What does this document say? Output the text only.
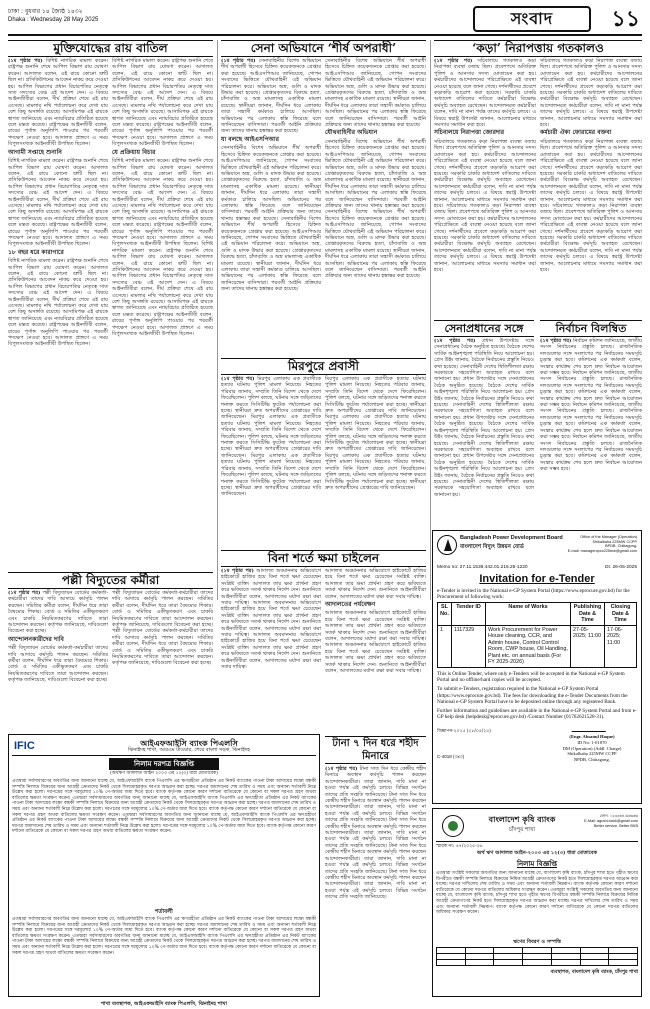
ঢাকা : বুধবার ১৪ জ্যৈষ্ঠ ১৪৩২
Dhaka : Wednesday 28 May 2025	সংবাদ	১১
মুক্তিযোদ্ধের রায় বাতিল
(১ম পৃষ্ঠার পর) বিশিষ্ট নাগরিক মামলা করেন। রাষ্ট্রপক্ষ শুনানি শেষে আপিল বিভাগ রায় ঘোষণা করেন। আদালত বলেন, এই রায়ে কোনো ত্রুটি ছিল না। প্রসিকিউশনের আবেদন নাকচ করে দেওয়া হয়। আপিল বিভাগের প্রধান বিচারপতির নেতৃত্বে সাত সদস্যের বেঞ্চ এই আদেশ দেন। এ বিষয়ে আইনজীবীরা বলেন, দীর্ঘ প্রক্রিয়া শেষে এই রায় এসেছে। মামলার নথি পর্যালোচনা করে দেখা যায় বেশ কিছু অসঙ্গতি রয়েছে। আসামিপক্ষ এই রায়কে স্বাগত জানিয়েছে এবং ন্যায়বিচার প্রতিষ্ঠিত হয়েছে বলে মন্তব্য করেছে। রাষ্ট্রপক্ষের আইনজীবী বলেন, রায়ের পূর্ণাঙ্গ অনুলিপি পাওয়ার পর পরবর্তী পদক্ষেপ নেওয়া হবে। আদালত প্রাঙ্গণে এ সময় বিপুলসংখ্যক আইনজীবী উপস্থিত ছিলেন।
আগামী সপ্তাহে শুনানি
বিশিষ্ট নাগরিক মামলা করেন। রাষ্ট্রপক্ষ শুনানি শেষে আপিল বিভাগ রায় ঘোষণা করেন। আদালত বলেন, এই রায়ে কোনো ত্রুটি ছিল না। প্রসিকিউশনের আবেদন নাকচ করে দেওয়া হয়। আপিল বিভাগের প্রধান বিচারপতির নেতৃত্বে সাত সদস্যের বেঞ্চ এই আদেশ দেন। এ বিষয়ে আইনজীবীরা বলেন, দীর্ঘ প্রক্রিয়া শেষে এই রায় এসেছে। মামলার নথি পর্যালোচনা করে দেখা যায় বেশ কিছু অসঙ্গতি রয়েছে। আসামিপক্ষ এই রায়কে স্বাগত জানিয়েছে এবং ন্যায়বিচার প্রতিষ্ঠিত হয়েছে বলে মন্তব্য করেছে। রাষ্ট্রপক্ষের আইনজীবী বলেন, রায়ের পূর্ণাঙ্গ অনুলিপি পাওয়ার পর পরবর্তী পদক্ষেপ নেওয়া হবে। আদালত প্রাঙ্গণে এ সময় বিপুলসংখ্যক আইনজীবী উপস্থিত ছিলেন।
১৮ বছর ধরে কারাগারে
বিশিষ্ট নাগরিক মামলা করেন। রাষ্ট্রপক্ষ শুনানি শেষে আপিল বিভাগ রায় ঘোষণা করেন। আদালত বলেন, এই রায়ে কোনো ত্রুটি ছিল না। প্রসিকিউশনের আবেদন নাকচ করে দেওয়া হয়। আপিল বিভাগের প্রধান বিচারপতির নেতৃত্বে সাত সদস্যের বেঞ্চ এই আদেশ দেন। এ বিষয়ে আইনজীবীরা বলেন, দীর্ঘ প্রক্রিয়া শেষে এই রায় এসেছে। মামলার নথি পর্যালোচনা করে দেখা যায় বেশ কিছু অসঙ্গতি রয়েছে। আসামিপক্ষ এই রায়কে স্বাগত জানিয়েছে এবং ন্যায়বিচার প্রতিষ্ঠিত হয়েছে বলে মন্তব্য করেছে। রাষ্ট্রপক্ষের আইনজীবী বলেন, রায়ের পূর্ণাঙ্গ অনুলিপি পাওয়ার পর পরবর্তী পদক্ষেপ নেওয়া হবে। আদালত প্রাঙ্গণে এ সময় বিপুলসংখ্যক আইনজীবী উপস্থিত ছিলেন।
বিশিষ্ট নাগরিক মামলা করেন। রাষ্ট্রপক্ষ শুনানি শেষে আপিল বিভাগ রায় ঘোষণা করেন। আদালত বলেন, এই রায়ে কোনো ত্রুটি ছিল না। প্রসিকিউশনের আবেদন নাকচ করে দেওয়া হয়। আপিল বিভাগের প্রধান বিচারপতির নেতৃত্বে সাত সদস্যের বেঞ্চ এই আদেশ দেন। এ বিষয়ে আইনজীবীরা বলেন, দীর্ঘ প্রক্রিয়া শেষে এই রায় এসেছে। মামলার নথি পর্যালোচনা করে দেখা যায় বেশ কিছু অসঙ্গতি রয়েছে। আসামিপক্ষ এই রায়কে স্বাগত জানিয়েছে এবং ন্যায়বিচার প্রতিষ্ঠিত হয়েছে বলে মন্তব্য করেছে। রাষ্ট্রপক্ষের আইনজীবী বলেন, রায়ের পূর্ণাঙ্গ অনুলিপি পাওয়ার পর পরবর্তী পদক্ষেপ নেওয়া হবে। আদালত প্রাঙ্গণে এ সময় বিপুলসংখ্যক আইনজীবী উপস্থিত ছিলেন।
যে প্রক্রিয়ায় বিচার
বিশিষ্ট নাগরিক মামলা করেন। রাষ্ট্রপক্ষ শুনানি শেষে আপিল বিভাগ রায় ঘোষণা করেন। আদালত বলেন, এই রায়ে কোনো ত্রুটি ছিল না। প্রসিকিউশনের আবেদন নাকচ করে দেওয়া হয়। আপিল বিভাগের প্রধান বিচারপতির নেতৃত্বে সাত সদস্যের বেঞ্চ এই আদেশ দেন। এ বিষয়ে আইনজীবীরা বলেন, দীর্ঘ প্রক্রিয়া শেষে এই রায় এসেছে। মামলার নথি পর্যালোচনা করে দেখা যায় বেশ কিছু অসঙ্গতি রয়েছে। আসামিপক্ষ এই রায়কে স্বাগত জানিয়েছে এবং ন্যায়বিচার প্রতিষ্ঠিত হয়েছে বলে মন্তব্য করেছে। রাষ্ট্রপক্ষের আইনজীবী বলেন, রায়ের পূর্ণাঙ্গ অনুলিপি পাওয়ার পর পরবর্তী পদক্ষেপ নেওয়া হবে। আদালত প্রাঙ্গণে এ সময় বিপুলসংখ্যক আইনজীবী উপস্থিত ছিলেন। বিশিষ্ট নাগরিক মামলা করেন। রাষ্ট্রপক্ষ শুনানি শেষে আপিল বিভাগ রায় ঘোষণা করেন। আদালত বলেন, এই রায়ে কোনো ত্রুটি ছিল না। প্রসিকিউশনের আবেদন নাকচ করে দেওয়া হয়। আপিল বিভাগের প্রধান বিচারপতির নেতৃত্বে সাত সদস্যের বেঞ্চ এই আদেশ দেন। এ বিষয়ে আইনজীবীরা বলেন, দীর্ঘ প্রক্রিয়া শেষে এই রায় এসেছে। মামলার নথি পর্যালোচনা করে দেখা যায় বেশ কিছু অসঙ্গতি রয়েছে। আসামিপক্ষ এই রায়কে স্বাগত জানিয়েছে এবং ন্যায়বিচার প্রতিষ্ঠিত হয়েছে বলে মন্তব্য করেছে। রাষ্ট্রপক্ষের আইনজীবী বলেন, রায়ের পূর্ণাঙ্গ অনুলিপি পাওয়ার পর পরবর্তী পদক্ষেপ নেওয়া হবে। আদালত প্রাঙ্গণে এ সময় বিপুলসংখ্যক আইনজীবী উপস্থিত ছিলেন।
সেনা অভিযানে ‘শীর্ষ অপরাধী’
(১ম পৃষ্ঠার পর) সেনাবাহিনীর বিশেষ অভিযানে শীর্ষ অপরাধী হিসেবে চিহ্নিত কয়েকজনকে গ্রেপ্তার করা হয়েছে। আইএসপিআর জানিয়েছে, গোপন সংবাদের ভিত্তিতে যৌথবাহিনী এই অভিযান পরিচালনা করে। অভিযানে অস্ত্র, গুলি ও মাদক উদ্ধার করা হয়েছে। গ্রেপ্তারকৃতদের বিরুদ্ধে হত্যা, চাঁদাবাজি ও অস্ত্র মামলাসহ একাধিক মামলা রয়েছে। স্থানীয়রা জানান, দীর্ঘদিন ধরে এলাকায় তারা সন্ত্রাসী কর্মকাণ্ড চালিয়ে আসছিল। অভিযানের পর এলাকায় স্বস্তি ফিরেছে বলে জানিয়েছেন বাসিন্দারা। পরবর্তী আইনি প্রক্রিয়ার জন্য তাদের থানায় হস্তান্তর করা হয়েছে।
যা বলছে আইএসপিআর
সেনাবাহিনীর বিশেষ অভিযানে শীর্ষ অপরাধী হিসেবে চিহ্নিত কয়েকজনকে গ্রেপ্তার করা হয়েছে। আইএসপিআর জানিয়েছে, গোপন সংবাদের ভিত্তিতে যৌথবাহিনী এই অভিযান পরিচালনা করে। অভিযানে অস্ত্র, গুলি ও মাদক উদ্ধার করা হয়েছে। গ্রেপ্তারকৃতদের বিরুদ্ধে হত্যা, চাঁদাবাজি ও অস্ত্র মামলাসহ একাধিক মামলা রয়েছে। স্থানীয়রা জানান, দীর্ঘদিন ধরে এলাকায় তারা সন্ত্রাসী কর্মকাণ্ড চালিয়ে আসছিল। অভিযানের পর এলাকায় স্বস্তি ফিরেছে বলে জানিয়েছেন বাসিন্দারা। পরবর্তী আইনি প্রক্রিয়ার জন্য তাদের থানায় হস্তান্তর করা হয়েছে। সেনাবাহিনীর বিশেষ অভিযানে শীর্ষ অপরাধী হিসেবে চিহ্নিত কয়েকজনকে গ্রেপ্তার করা হয়েছে। আইএসপিআর জানিয়েছে, গোপন সংবাদের ভিত্তিতে যৌথবাহিনী এই অভিযান পরিচালনা করে। অভিযানে অস্ত্র, গুলি ও মাদক উদ্ধার করা হয়েছে। গ্রেপ্তারকৃতদের বিরুদ্ধে হত্যা, চাঁদাবাজি ও অস্ত্র মামলাসহ একাধিক মামলা রয়েছে। স্থানীয়রা জানান, দীর্ঘদিন ধরে এলাকায় তারা সন্ত্রাসী কর্মকাণ্ড চালিয়ে আসছিল। অভিযানের পর এলাকায় স্বস্তি ফিরেছে বলে জানিয়েছেন বাসিন্দারা। পরবর্তী আইনি প্রক্রিয়ার জন্য তাদের থানায় হস্তান্তর করা হয়েছে।
সেনাবাহিনীর বিশেষ অভিযানে শীর্ষ অপরাধী হিসেবে চিহ্নিত কয়েকজনকে গ্রেপ্তার করা হয়েছে। আইএসপিআর জানিয়েছে, গোপন সংবাদের ভিত্তিতে যৌথবাহিনী এই অভিযান পরিচালনা করে। অভিযানে অস্ত্র, গুলি ও মাদক উদ্ধার করা হয়েছে। গ্রেপ্তারকৃতদের বিরুদ্ধে হত্যা, চাঁদাবাজি ও অস্ত্র মামলাসহ একাধিক মামলা রয়েছে। স্থানীয়রা জানান, দীর্ঘদিন ধরে এলাকায় তারা সন্ত্রাসী কর্মকাণ্ড চালিয়ে আসছিল। অভিযানের পর এলাকায় স্বস্তি ফিরেছে বলে জানিয়েছেন বাসিন্দারা। পরবর্তী আইনি প্রক্রিয়ার জন্য তাদের থানায় হস্তান্তর করা হয়েছে।
যৌথবাহিনীর অভিযান
সেনাবাহিনীর বিশেষ অভিযানে শীর্ষ অপরাধী হিসেবে চিহ্নিত কয়েকজনকে গ্রেপ্তার করা হয়েছে। আইএসপিআর জানিয়েছে, গোপন সংবাদের ভিত্তিতে যৌথবাহিনী এই অভিযান পরিচালনা করে। অভিযানে অস্ত্র, গুলি ও মাদক উদ্ধার করা হয়েছে। গ্রেপ্তারকৃতদের বিরুদ্ধে হত্যা, চাঁদাবাজি ও অস্ত্র মামলাসহ একাধিক মামলা রয়েছে। স্থানীয়রা জানান, দীর্ঘদিন ধরে এলাকায় তারা সন্ত্রাসী কর্মকাণ্ড চালিয়ে আসছিল। অভিযানের পর এলাকায় স্বস্তি ফিরেছে বলে জানিয়েছেন বাসিন্দারা। পরবর্তী আইনি প্রক্রিয়ার জন্য তাদের থানায় হস্তান্তর করা হয়েছে। সেনাবাহিনীর বিশেষ অভিযানে শীর্ষ অপরাধী হিসেবে চিহ্নিত কয়েকজনকে গ্রেপ্তার করা হয়েছে। আইএসপিআর জানিয়েছে, গোপন সংবাদের ভিত্তিতে যৌথবাহিনী এই অভিযান পরিচালনা করে। অভিযানে অস্ত্র, গুলি ও মাদক উদ্ধার করা হয়েছে। গ্রেপ্তারকৃতদের বিরুদ্ধে হত্যা, চাঁদাবাজি ও অস্ত্র মামলাসহ একাধিক মামলা রয়েছে। স্থানীয়রা জানান, দীর্ঘদিন ধরে এলাকায় তারা সন্ত্রাসী কর্মকাণ্ড চালিয়ে আসছিল। অভিযানের পর এলাকায় স্বস্তি ফিরেছে বলে জানিয়েছেন বাসিন্দারা। পরবর্তী আইনি প্রক্রিয়ার জন্য তাদের থানায় হস্তান্তর করা হয়েছে।
‘কড়া’ নিরাপত্তায় গতকালও
(১ম পৃষ্ঠার পর) সচিবালয়ে গতকালও কড়া নিরাপত্তা ব্যবস্থা বজায় ছিল। প্রবেশপথে অতিরিক্ত পুলিশ ও আনসার সদস্য মোতায়েন করা হয়। কর্মচারীদের আন্দোলনের পরিপ্রেক্ষিতে এই ব্যবস্থা নেওয়া হয়েছে বলে জানা গেছে। দর্শনার্থীদের প্রবেশে কড়াকড়ি আরোপ করা হয়েছে। সরকারি চাকরি অধ্যাদেশ বাতিলের দাবিতে কর্মচারীরা বিক্ষোভ কর্মসূচি অব্যাহত রেখেছেন। আন্দোলনরত কর্মচারীরা বলেন, দাবি না মানা পর্যন্ত তাদের কর্মসূচি চলবে। এ বিষয়ে স্বরাষ্ট্র উপদেষ্টা জানান, আলোচনার মাধ্যমে সমস্যার সমাধান করা হবে।
সচিবালয়ে নিরাপত্তা জোরদার
সচিবালয়ে গতকালও কড়া নিরাপত্তা ব্যবস্থা বজায় ছিল। প্রবেশপথে অতিরিক্ত পুলিশ ও আনসার সদস্য মোতায়েন করা হয়। কর্মচারীদের আন্দোলনের পরিপ্রেক্ষিতে এই ব্যবস্থা নেওয়া হয়েছে বলে জানা গেছে। দর্শনার্থীদের প্রবেশে কড়াকড়ি আরোপ করা হয়েছে। সরকারি চাকরি অধ্যাদেশ বাতিলের দাবিতে কর্মচারীরা বিক্ষোভ কর্মসূচি অব্যাহত রেখেছেন। আন্দোলনরত কর্মচারীরা বলেন, দাবি না মানা পর্যন্ত তাদের কর্মসূচি চলবে। এ বিষয়ে স্বরাষ্ট্র উপদেষ্টা জানান, আলোচনার মাধ্যমে সমস্যার সমাধান করা হবে। সচিবালয়ে গতকালও কড়া নিরাপত্তা ব্যবস্থা বজায় ছিল। প্রবেশপথে অতিরিক্ত পুলিশ ও আনসার সদস্য মোতায়েন করা হয়। কর্মচারীদের আন্দোলনের পরিপ্রেক্ষিতে এই ব্যবস্থা নেওয়া হয়েছে বলে জানা গেছে। দর্শনার্থীদের প্রবেশে কড়াকড়ি আরোপ করা হয়েছে। সরকারি চাকরি অধ্যাদেশ বাতিলের দাবিতে কর্মচারীরা বিক্ষোভ কর্মসূচি অব্যাহত রেখেছেন। আন্দোলনরত কর্মচারীরা বলেন, দাবি না মানা পর্যন্ত তাদের কর্মসূচি চলবে। এ বিষয়ে স্বরাষ্ট্র উপদেষ্টা জানান, আলোচনার মাধ্যমে সমস্যার সমাধান করা হবে।
সচিবালয়ে গতকালও কড়া নিরাপত্তা ব্যবস্থা বজায় ছিল। প্রবেশপথে অতিরিক্ত পুলিশ ও আনসার সদস্য মোতায়েন করা হয়। কর্মচারীদের আন্দোলনের পরিপ্রেক্ষিতে এই ব্যবস্থা নেওয়া হয়েছে বলে জানা গেছে। দর্শনার্থীদের প্রবেশে কড়াকড়ি আরোপ করা হয়েছে। সরকারি চাকরি অধ্যাদেশ বাতিলের দাবিতে কর্মচারীরা বিক্ষোভ কর্মসূচি অব্যাহত রেখেছেন। আন্দোলনরত কর্মচারীরা বলেন, দাবি না মানা পর্যন্ত তাদের কর্মসূচি চলবে। এ বিষয়ে স্বরাষ্ট্র উপদেষ্টা জানান, আলোচনার মাধ্যমে সমস্যার সমাধান করা হবে।
কর্মচারী ঐক্য ফোরামের বক্তব্য
সচিবালয়ে গতকালও কড়া নিরাপত্তা ব্যবস্থা বজায় ছিল। প্রবেশপথে অতিরিক্ত পুলিশ ও আনসার সদস্য মোতায়েন করা হয়। কর্মচারীদের আন্দোলনের পরিপ্রেক্ষিতে এই ব্যবস্থা নেওয়া হয়েছে বলে জানা গেছে। দর্শনার্থীদের প্রবেশে কড়াকড়ি আরোপ করা হয়েছে। সরকারি চাকরি অধ্যাদেশ বাতিলের দাবিতে কর্মচারীরা বিক্ষোভ কর্মসূচি অব্যাহত রেখেছেন। আন্দোলনরত কর্মচারীরা বলেন, দাবি না মানা পর্যন্ত তাদের কর্মসূচি চলবে। এ বিষয়ে স্বরাষ্ট্র উপদেষ্টা জানান, আলোচনার মাধ্যমে সমস্যার সমাধান করা হবে। সচিবালয়ে গতকালও কড়া নিরাপত্তা ব্যবস্থা বজায় ছিল। প্রবেশপথে অতিরিক্ত পুলিশ ও আনসার সদস্য মোতায়েন করা হয়। কর্মচারীদের আন্দোলনের পরিপ্রেক্ষিতে এই ব্যবস্থা নেওয়া হয়েছে বলে জানা গেছে। দর্শনার্থীদের প্রবেশে কড়াকড়ি আরোপ করা হয়েছে। সরকারি চাকরি অধ্যাদেশ বাতিলের দাবিতে কর্মচারীরা বিক্ষোভ কর্মসূচি অব্যাহত রেখেছেন। আন্দোলনরত কর্মচারীরা বলেন, দাবি না মানা পর্যন্ত তাদের কর্মসূচি চলবে। এ বিষয়ে স্বরাষ্ট্র উপদেষ্টা জানান, আলোচনার মাধ্যমে সমস্যার সমাধান করা হবে।
সেনাপ্রধানের সঙ্গে
(১ম পৃষ্ঠার পর) প্রধান উপদেষ্টার সঙ্গে সেনাপ্রধানের বৈঠক অনুষ্ঠিত হয়েছে। বৈঠকে দেশের সার্বিক আইনশৃঙ্খলা পরিস্থিতি নিয়ে আলোচনা হয়। প্রেস উইং জানায়, বৈঠকে নির্বাচনের প্রস্তুতি নিয়েও কথা হয়েছে। সেনাবাহিনী দেশের স্থিতিশীলতা রক্ষায় সরকারকে সহযোগিতা অব্যাহত রাখবে বলে জানানো হয়। প্রধান উপদেষ্টার সঙ্গে সেনাপ্রধানের বৈঠক অনুষ্ঠিত হয়েছে। বৈঠকে দেশের সার্বিক আইনশৃঙ্খলা পরিস্থিতি নিয়ে আলোচনা হয়। প্রেস উইং জানায়, বৈঠকে নির্বাচনের প্রস্তুতি নিয়েও কথা হয়েছে। সেনাবাহিনী দেশের স্থিতিশীলতা রক্ষায় সরকারকে সহযোগিতা অব্যাহত রাখবে বলে জানানো হয়। প্রধান উপদেষ্টার সঙ্গে সেনাপ্রধানের বৈঠক অনুষ্ঠিত হয়েছে। বৈঠকে দেশের সার্বিক আইনশৃঙ্খলা পরিস্থিতি নিয়ে আলোচনা হয়। প্রেস উইং জানায়, বৈঠকে নির্বাচনের প্রস্তুতি নিয়েও কথা হয়েছে। সেনাবাহিনী দেশের স্থিতিশীলতা রক্ষায় সরকারকে সহযোগিতা অব্যাহত রাখবে বলে জানানো হয়। প্রধান উপদেষ্টার সঙ্গে সেনাপ্রধানের বৈঠক অনুষ্ঠিত হয়েছে। বৈঠকে দেশের সার্বিক আইনশৃঙ্খলা পরিস্থিতি নিয়ে আলোচনা হয়। প্রেস উইং জানায়, বৈঠকে নির্বাচনের প্রস্তুতি নিয়েও কথা হয়েছে। সেনাবাহিনী দেশের স্থিতিশীলতা রক্ষায় সরকারকে সহযোগিতা অব্যাহত রাখবে বলে জানানো হয়।
নির্বাচন বিলম্বিত
(১ম পৃষ্ঠার পর) নির্বাচন কমিশন জানিয়েছে, জাতীয় সংসদ নির্বাচনের প্রস্তুতি চলছে। রাজনৈতিক দলগুলোর সঙ্গে সংলাপের পর নির্বাচনের সময়সূচি চূড়ান্ত করা হবে। কমিশনের এক কর্মকর্তা বলেন, সংস্কার কার্যক্রম শেষ হলে দ্রুত নির্বাচন আয়োজন করা সম্ভব হবে। নির্বাচন কমিশন জানিয়েছে, জাতীয় সংসদ নির্বাচনের প্রস্তুতি চলছে। রাজনৈতিক দলগুলোর সঙ্গে সংলাপের পর নির্বাচনের সময়সূচি চূড়ান্ত করা হবে। কমিশনের এক কর্মকর্তা বলেন, সংস্কার কার্যক্রম শেষ হলে দ্রুত নির্বাচন আয়োজন করা সম্ভব হবে। নির্বাচন কমিশন জানিয়েছে, জাতীয় সংসদ নির্বাচনের প্রস্তুতি চলছে। রাজনৈতিক দলগুলোর সঙ্গে সংলাপের পর নির্বাচনের সময়সূচি চূড়ান্ত করা হবে। কমিশনের এক কর্মকর্তা বলেন, সংস্কার কার্যক্রম শেষ হলে দ্রুত নির্বাচন আয়োজন করা সম্ভব হবে। নির্বাচন কমিশন জানিয়েছে, জাতীয় সংসদ নির্বাচনের প্রস্তুতি চলছে। রাজনৈতিক দলগুলোর সঙ্গে সংলাপের পর নির্বাচনের সময়সূচি চূড়ান্ত করা হবে। কমিশনের এক কর্মকর্তা বলেন, সংস্কার কার্যক্রম শেষ হলে দ্রুত নির্বাচন আয়োজন করা সম্ভব হবে।
মিরপুরে প্রবাসী
(১ম পৃষ্ঠার পর) মিরপুর এলাকায় এক প্রবাসীকে হত্যার ঘটনায় পুলিশ মামলা নিয়েছে। নিহতের পরিবার জানায়, সম্প্রতি তিনি বিদেশ থেকে দেশে ফিরেছিলেন। পুলিশ বলছে, ঘটনার সঙ্গে জড়িতদের শনাক্ত করতে সিসিটিভি ফুটেজ পর্যালোচনা করা হচ্ছে। স্থানীয়রা দ্রুত অপরাধীদের গ্রেপ্তারের দাবি জানিয়েছেন। মিরপুর এলাকায় এক প্রবাসীকে হত্যার ঘটনায় পুলিশ মামলা নিয়েছে। নিহতের পরিবার জানায়, সম্প্রতি তিনি বিদেশ থেকে দেশে ফিরেছিলেন। পুলিশ বলছে, ঘটনার সঙ্গে জড়িতদের শনাক্ত করতে সিসিটিভি ফুটেজ পর্যালোচনা করা হচ্ছে। স্থানীয়রা দ্রুত অপরাধীদের গ্রেপ্তারের দাবি জানিয়েছেন। মিরপুর এলাকায় এক প্রবাসীকে হত্যার ঘটনায় পুলিশ মামলা নিয়েছে। নিহতের পরিবার জানায়, সম্প্রতি তিনি বিদেশ থেকে দেশে ফিরেছিলেন। পুলিশ বলছে, ঘটনার সঙ্গে জড়িতদের শনাক্ত করতে সিসিটিভি ফুটেজ পর্যালোচনা করা হচ্ছে। স্থানীয়রা দ্রুত অপরাধীদের গ্রেপ্তারের দাবি জানিয়েছেন।
মিরপুর এলাকায় এক প্রবাসীকে হত্যার ঘটনায় পুলিশ মামলা নিয়েছে। নিহতের পরিবার জানায়, সম্প্রতি তিনি বিদেশ থেকে দেশে ফিরেছিলেন। পুলিশ বলছে, ঘটনার সঙ্গে জড়িতদের শনাক্ত করতে সিসিটিভি ফুটেজ পর্যালোচনা করা হচ্ছে। স্থানীয়রা দ্রুত অপরাধীদের গ্রেপ্তারের দাবি জানিয়েছেন। মিরপুর এলাকায় এক প্রবাসীকে হত্যার ঘটনায় পুলিশ মামলা নিয়েছে। নিহতের পরিবার জানায়, সম্প্রতি তিনি বিদেশ থেকে দেশে ফিরেছিলেন। পুলিশ বলছে, ঘটনার সঙ্গে জড়িতদের শনাক্ত করতে সিসিটিভি ফুটেজ পর্যালোচনা করা হচ্ছে। স্থানীয়রা দ্রুত অপরাধীদের গ্রেপ্তারের দাবি জানিয়েছেন। মিরপুর এলাকায় এক প্রবাসীকে হত্যার ঘটনায় পুলিশ মামলা নিয়েছে। নিহতের পরিবার জানায়, সম্প্রতি তিনি বিদেশ থেকে দেশে ফিরেছিলেন। পুলিশ বলছে, ঘটনার সঙ্গে জড়িতদের শনাক্ত করতে সিসিটিভি ফুটেজ পর্যালোচনা করা হচ্ছে। স্থানীয়রা দ্রুত অপরাধীদের গ্রেপ্তারের দাবি জানিয়েছেন।
পল্লী বিদ্যুতের কর্মীরা
(১ম পৃষ্ঠার পর) পল্লী বিদ্যুতায়ন বোর্ডের কর্মকর্তা-কর্মচারীরা তাদের দাবি আদায়ে কর্মসূচি পালন করছেন। সমিতির কর্মীরা বলেন, দীর্ঘদিন ধরে তারা বৈষম্যের শিকার। বোর্ড ও সমিতির একীভূতকরণ এবং চাকরি নিয়মিতকরণের দাবিতে তারা আন্দোলন করছেন। কর্তৃপক্ষ জানিয়েছে, দাবিগুলো বিবেচনা করা হচ্ছে।
আন্দোলনকারীদের দাবি
পল্লী বিদ্যুতায়ন বোর্ডের কর্মকর্তা-কর্মচারীরা তাদের দাবি আদায়ে কর্মসূচি পালন করছেন। সমিতির কর্মীরা বলেন, দীর্ঘদিন ধরে তারা বৈষম্যের শিকার। বোর্ড ও সমিতির একীভূতকরণ এবং চাকরি নিয়মিতকরণের দাবিতে তারা আন্দোলন করছেন। কর্তৃপক্ষ জানিয়েছে, দাবিগুলো বিবেচনা করা হচ্ছে।
পল্লী বিদ্যুতায়ন বোর্ডের কর্মকর্তা-কর্মচারীরা তাদের দাবি আদায়ে কর্মসূচি পালন করছেন। সমিতির কর্মীরা বলেন, দীর্ঘদিন ধরে তারা বৈষম্যের শিকার। বোর্ড ও সমিতির একীভূতকরণ এবং চাকরি নিয়মিতকরণের দাবিতে তারা আন্দোলন করছেন। কর্তৃপক্ষ জানিয়েছে, দাবিগুলো বিবেচনা করা হচ্ছে। পল্লী বিদ্যুতায়ন বোর্ডের কর্মকর্তা-কর্মচারীরা তাদের দাবি আদায়ে কর্মসূচি পালন করছেন। সমিতির কর্মীরা বলেন, দীর্ঘদিন ধরে তারা বৈষম্যের শিকার। বোর্ড ও সমিতির একীভূতকরণ এবং চাকরি নিয়মিতকরণের দাবিতে তারা আন্দোলন করছেন। কর্তৃপক্ষ জানিয়েছে, দাবিগুলো বিবেচনা করা হচ্ছে।
বিনা শর্তে ক্ষমা চাইলেন
(১ম পৃষ্ঠার পর) আদালত অবমাননার অভিযোগে হাইকোর্টে হাজির হয়ে বিনা শর্তে ক্ষমা চেয়েছেন সংশ্লিষ্ট ব্যক্তি। আদালত তার ক্ষমা প্রার্থনা গ্রহণ করে ভবিষ্যতে সতর্ক থাকার নির্দেশ দেন। শুনানিতে আইনজীবীরা বলেন, আদালতের মর্যাদা রক্ষা করা সবার দায়িত্ব। আদালত অবমাননার অভিযোগে হাইকোর্টে হাজির হয়ে বিনা শর্তে ক্ষমা চেয়েছেন সংশ্লিষ্ট ব্যক্তি। আদালত তার ক্ষমা প্রার্থনা গ্রহণ করে ভবিষ্যতে সতর্ক থাকার নির্দেশ দেন। শুনানিতে আইনজীবীরা বলেন, আদালতের মর্যাদা রক্ষা করা সবার দায়িত্ব। আদালত অবমাননার অভিযোগে হাইকোর্টে হাজির হয়ে বিনা শর্তে ক্ষমা চেয়েছেন সংশ্লিষ্ট ব্যক্তি। আদালত তার ক্ষমা প্রার্থনা গ্রহণ করে ভবিষ্যতে সতর্ক থাকার নির্দেশ দেন। শুনানিতে আইনজীবীরা বলেন, আদালতের মর্যাদা রক্ষা করা সবার দায়িত্ব।
আদালত অবমাননার অভিযোগে হাইকোর্টে হাজির হয়ে বিনা শর্তে ক্ষমা চেয়েছেন সংশ্লিষ্ট ব্যক্তি। আদালত তার ক্ষমা প্রার্থনা গ্রহণ করে ভবিষ্যতে সতর্ক থাকার নির্দেশ দেন। শুনানিতে আইনজীবীরা বলেন, আদালতের মর্যাদা রক্ষা করা সবার দায়িত্ব।
আদালতের পর্যবেক্ষণ
আদালত অবমাননার অভিযোগে হাইকোর্টে হাজির হয়ে বিনা শর্তে ক্ষমা চেয়েছেন সংশ্লিষ্ট ব্যক্তি। আদালত তার ক্ষমা প্রার্থনা গ্রহণ করে ভবিষ্যতে সতর্ক থাকার নির্দেশ দেন। শুনানিতে আইনজীবীরা বলেন, আদালতের মর্যাদা রক্ষা করা সবার দায়িত্ব। আদালত অবমাননার অভিযোগে হাইকোর্টে হাজির হয়ে বিনা শর্তে ক্ষমা চেয়েছেন সংশ্লিষ্ট ব্যক্তি। আদালত তার ক্ষমা প্রার্থনা গ্রহণ করে ভবিষ্যতে সতর্ক থাকার নির্দেশ দেন। শুনানিতে আইনজীবীরা বলেন, আদালতের মর্যাদা রক্ষা করা সবার দায়িত্ব।
টানা ৭ দিন ধরে শহীদ মিনারে
(১ম পৃষ্ঠার পর) টানা সাত দিন ধরে কেন্দ্রীয় শহীদ মিনারে অবস্থান কর্মসূচি পালন করছেন আন্দোলনকারীরা। তারা জানান, দাবি মানা না হওয়া পর্যন্ত এই কর্মসূচি চলবে। বিভিন্ন সংগঠন তাদের প্রতি সংহতি জানিয়েছে। টানা সাত দিন ধরে কেন্দ্রীয় শহীদ মিনারে অবস্থান কর্মসূচি পালন করছেন আন্দোলনকারীরা। তারা জানান, দাবি মানা না হওয়া পর্যন্ত এই কর্মসূচি চলবে। বিভিন্ন সংগঠন তাদের প্রতি সংহতি জানিয়েছে। টানা সাত দিন ধরে কেন্দ্রীয় শহীদ মিনারে অবস্থান কর্মসূচি পালন করছেন আন্দোলনকারীরা। তারা জানান, দাবি মানা না হওয়া পর্যন্ত এই কর্মসূচি চলবে। বিভিন্ন সংগঠন তাদের প্রতি সংহতি জানিয়েছে। টানা সাত দিন ধরে কেন্দ্রীয় শহীদ মিনারে অবস্থান কর্মসূচি পালন করছেন আন্দোলনকারীরা। তারা জানান, দাবি মানা না হওয়া পর্যন্ত এই কর্মসূচি চলবে। বিভিন্ন সংগঠন তাদের প্রতি সংহতি জানিয়েছে। টানা সাত দিন ধরে কেন্দ্রীয় শহীদ মিনারে অবস্থান কর্মসূচি পালন করছেন আন্দোলনকারীরা। তারা জানান, দাবি মানা না হওয়া পর্যন্ত এই কর্মসূচি চলবে। বিভিন্ন সংগঠন তাদের প্রতি সংহতি জানিয়েছে।
IFIC	আইএফআইসি ব্যাংক পিএলসি
ঝিনাইদহ শাখা, আরএম টাওয়ার, শেরে বাংলা সড়ক, ঝিনাইদহ
নিলাম দরপত্র বিজ্ঞপ্তি
(অর্থঋণ আদালত আইন ২০০৩ এর ১২(৩) ধারা মোতাবেক)
এতদ্বারা সর্বসাধারণের অবগতির জন্য জানানো যাচ্ছে যে, আইএফআইসি ব্যাংক পিএলসি এর ঋণগ্রহীতা প্রতিষ্ঠান এর নিকট ব্যাংকের পাওনা টাকা আদায়ের লক্ষ্যে বন্ধকী সম্পত্তি নিলামে বিক্রয়ের জন্য আগ্রহী ক্রেতাদের নিকট থেকে সিলমোহরকৃত দরপত্র আহ্বান করা হচ্ছে। দরপত্র জমাদানের শেষ তারিখ ও সময় এবং অন্যান্য শর্তাবলী নিম্নে উল্লেখ করা হলো। দরপত্রের সঙ্গে দরমূল্যের ১০% পে-অর্ডার জমা দিতে হবে। ব্যাংক কর্তৃপক্ষ কোনো কারণ দর্শানো ব্যতিরেকে যে কোনো বা সকল দরপত্র গ্রহণ অথবা বাতিলের ক্ষমতা সংরক্ষণ করেন। এতদ্বারা সর্বসাধারণের অবগতির জন্য জানানো যাচ্ছে যে, আইএফআইসি ব্যাংক পিএলসি এর ঋণগ্রহীতা প্রতিষ্ঠান এর নিকট ব্যাংকের পাওনা টাকা আদায়ের লক্ষ্যে বন্ধকী সম্পত্তি নিলামে বিক্রয়ের জন্য আগ্রহী ক্রেতাদের নিকট থেকে সিলমোহরকৃত দরপত্র আহ্বান করা হচ্ছে। দরপত্র জমাদানের শেষ তারিখ ও সময় এবং অন্যান্য শর্তাবলী নিম্নে উল্লেখ করা হলো। দরপত্রের সঙ্গে দরমূল্যের ১০% পে-অর্ডার জমা দিতে হবে। ব্যাংক কর্তৃপক্ষ কোনো কারণ দর্শানো ব্যতিরেকে যে কোনো বা সকল দরপত্র গ্রহণ অথবা বাতিলের ক্ষমতা সংরক্ষণ করেন। এতদ্বারা সর্বসাধারণের অবগতির জন্য জানানো যাচ্ছে যে, আইএফআইসি ব্যাংক পিএলসি এর ঋণগ্রহীতা প্রতিষ্ঠান এর নিকট ব্যাংকের পাওনা টাকা আদায়ের লক্ষ্যে বন্ধকী সম্পত্তি নিলামে বিক্রয়ের জন্য আগ্রহী ক্রেতাদের নিকট থেকে সিলমোহরকৃত দরপত্র আহ্বান করা হচ্ছে। দরপত্র জমাদানের শেষ তারিখ ও সময় এবং অন্যান্য শর্তাবলী নিম্নে উল্লেখ করা হলো। দরপত্রের সঙ্গে দরমূল্যের ১০% পে-অর্ডার জমা দিতে হবে। ব্যাংক কর্তৃপক্ষ কোনো কারণ দর্শানো ব্যতিরেকে যে কোনো বা সকল দরপত্র গ্রহণ অথবা বাতিলের ক্ষমতা সংরক্ষণ করেন।
শর্তাবলী
এতদ্বারা সর্বসাধারণের অবগতির জন্য জানানো যাচ্ছে যে, আইএফআইসি ব্যাংক পিএলসি এর ঋণগ্রহীতা প্রতিষ্ঠান এর নিকট ব্যাংকের পাওনা টাকা আদায়ের লক্ষ্যে বন্ধকী সম্পত্তি নিলামে বিক্রয়ের জন্য আগ্রহী ক্রেতাদের নিকট থেকে সিলমোহরকৃত দরপত্র আহ্বান করা হচ্ছে। দরপত্র জমাদানের শেষ তারিখ ও সময় এবং অন্যান্য শর্তাবলী নিম্নে উল্লেখ করা হলো। দরপত্রের সঙ্গে দরমূল্যের ১০% পে-অর্ডার জমা দিতে হবে। ব্যাংক কর্তৃপক্ষ কোনো কারণ দর্শানো ব্যতিরেকে যে কোনো বা সকল দরপত্র গ্রহণ অথবা বাতিলের ক্ষমতা সংরক্ষণ করেন। এতদ্বারা সর্বসাধারণের অবগতির জন্য জানানো যাচ্ছে যে, আইএফআইসি ব্যাংক পিএলসি এর ঋণগ্রহীতা প্রতিষ্ঠান এর নিকট ব্যাংকের পাওনা টাকা আদায়ের লক্ষ্যে বন্ধকী সম্পত্তি নিলামে বিক্রয়ের জন্য আগ্রহী ক্রেতাদের নিকট থেকে সিলমোহরকৃত দরপত্র আহ্বান করা হচ্ছে। দরপত্র জমাদানের শেষ তারিখ ও সময় এবং অন্যান্য শর্তাবলী নিম্নে উল্লেখ করা হলো। দরপত্রের সঙ্গে দরমূল্যের ১০% পে-অর্ডার জমা দিতে হবে। ব্যাংক কর্তৃপক্ষ কোনো কারণ দর্শানো ব্যতিরেকে যে কোনো বা সকল দরপত্র গ্রহণ অথবা বাতিলের ক্ষমতা সংরক্ষণ করেন।
শাখা ব্যবস্থাপক, আইএফআইসি ব্যাংক পিএলসি, ঝিনাইদহ শাখা
Bangladesh Power Development Board
বাংলাদেশ বিদ্যুৎ উন্নয়ন বোর্ড
Office of the Manager (Operation)
Shikalbaha 225MW CCPP
BPDB, Chittagong.
E-mail: manageropcc225mw@gmail.com
Memo no: 27.11.1539.442.01.216.25-1220	Dt. 26-05-2025
Invitation for e-Tender
e-Tender is invited in the National e-GP System Portal (https://www.eprocure.gov.bd) for the Procurement of following work:
SL No.	Tender ID	Name of Works	Publishing Date & Time	Closing Date & Time
1	1117329	Work Procurement for Power House cleaning, CCR, and Admin house, Control Control Room, CWP house, Oil Handling, Plant etc. on annual basis (For FY 2025-2026)	27-05-2025; 11:00	17-06-2025; 11:00
This is Online Tender, where only e-Tenders will be accepted in the National e-GP System Portal and no offline/hard copies will be accepted.
To submit e-Tenders, registration required in the National e-GP System Portal (https://www.eprocure.gov.bd). The fees for downloading the e-Tender Documents from the National e-GP System Portal have to be deposited online through any registered Bank.
Further information and guidelines are available in the National e-GP System Portal and from e-GP help desk (helpdesk@eprocure.gov.bd) /Contact Number (01762621528-31).
বিজ্ঞাপন-২০২৫ (২৮/০৫/২৫)
C-4018 (৩x৩)
(Engr. Ahsanul Haque)
ID No: 1-01870
DM (Operation) (Addl. Charge)
Shikalbaha 225MW CCPP
BPDB, Chittagong.
বাংলাদেশ কৃষি ব্যাংক
চাঁদপুর শাখা
ফোন: ০২৩৩৪৪-৬৬৬৬৬
E-Mail: agrani.bank@gmail.com
Better service, Better BKB
স্মারক নং: ৪৭/২০২৫-২৬
অর্থ ঋণ আদালত আইন-২০০৩ এর ১২(৩) ধারা মোতাবেক
নিলাম বিজ্ঞপ্তি
এতদ্বারা সংশ্লিষ্ট সকলের অবগতির জন্য জানানো যাচ্ছে যে, বাংলাদেশ কৃষি ব্যাংক, চাঁদপুর শাখা হতে গৃহীত ঋণের বিপরীতে বন্ধকী সম্পত্তি নিলামে বিক্রয়ের নিমিত্ত আগ্রহী ক্রেতাগণের নিকট হতে সিলমোহরকৃত দরপত্র আহ্বান করা যাচ্ছে। দরপত্র দাখিলের শেষ তারিখ ও সময় এবং অন্যান্য শর্তাবলী নিম্নরূপ। ব্যাংক কর্তৃপক্ষ কোনো কারণ দর্শানো ব্যতিরেকে যে কোনো দরপত্র বাতিলের অধিকার সংরক্ষণ করেন। এতদ্বারা সংশ্লিষ্ট সকলের অবগতির জন্য জানানো যাচ্ছে যে, বাংলাদেশ কৃষি ব্যাংক, চাঁদপুর শাখা হতে গৃহীত ঋণের বিপরীতে বন্ধকী সম্পত্তি নিলামে বিক্রয়ের নিমিত্ত আগ্রহী ক্রেতাগণের নিকট হতে সিলমোহরকৃত দরপত্র আহ্বান করা যাচ্ছে। দরপত্র দাখিলের শেষ তারিখ ও সময় এবং অন্যান্য শর্তাবলী নিম্নরূপ। ব্যাংক কর্তৃপক্ষ কোনো কারণ দর্শানো ব্যতিরেকে যে কোনো দরপত্র বাতিলের অধিকার সংরক্ষণ করেন।
ঋণের বিবরণ ও সম্পত্তি

ব্যবস্থাপক, বাংলাদেশ কৃষি ব্যাংক, চাঁদপুর শাখা
